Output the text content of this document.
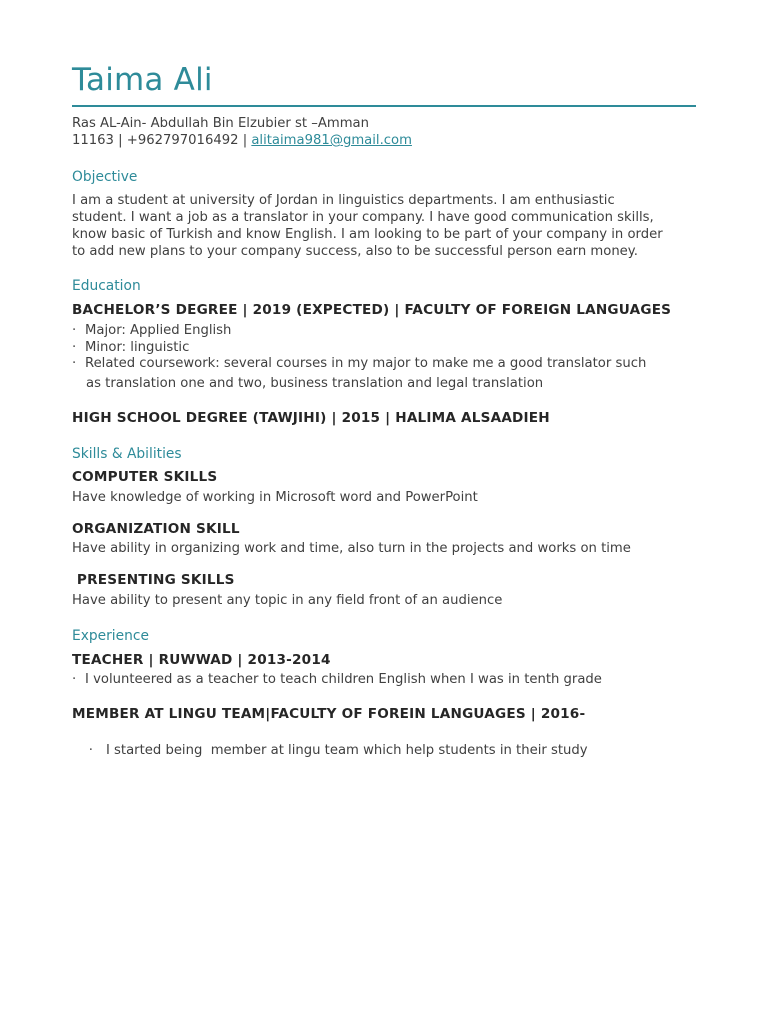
Taima Ali
Ras AL-Ain- Abdullah Bin Elzubier st –Amman
11163 | +962797016492 | alitaima981@gmail.com
Objective
I am a student at university of Jordan in linguistics departments. I am enthusiastic
student. I want a job as a translator in your company. I have good communication skills,
know basic of Turkish and know English. I am looking to be part of your company in order
to add new plans to your company success, also to be successful person earn money.
Education
BACHELOR’S DEGREE | 2019 (EXPECTED) | FACULTY OF FOREIGN LANGUAGES
· Major: Applied English
· Minor: linguistic
· Related coursework: several courses in my major to make me a good translator such
as translation one and two, business translation and legal translation
HIGH SCHOOL DEGREE (TAWJIHI) | 2015 | HALIMA ALSAADIEH
Skills & Abilities
COMPUTER SKILLS
Have knowledge of working in Microsoft word and PowerPoint
ORGANIZATION SKILL
Have ability in organizing work and time, also turn in the projects and works on time
PRESENTING SKILLS
Have ability to present any topic in any field front of an audience
Experience
TEACHER | RUWWAD | 2013-2014
· I volunteered as a teacher to teach children English when I was in tenth grade
MEMBER AT LINGU TEAM|FACULTY OF FOREIN LANGUAGES | 2016-

· I started being  member at lingu team which help students in their study
